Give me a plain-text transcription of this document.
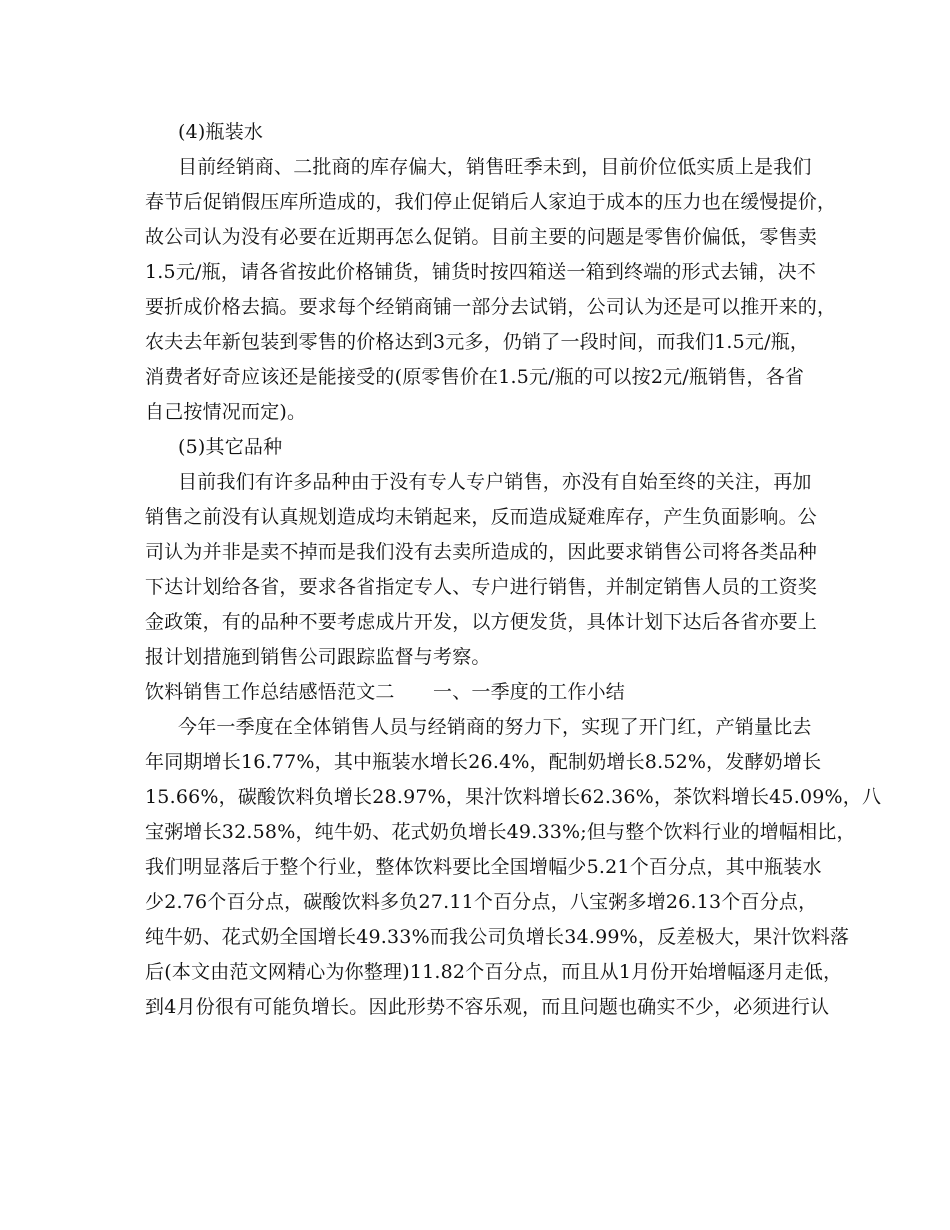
(4)瓶装水
目前经销商、二批商的库存偏大，销售旺季未到，目前价位低实质上是我们
春节后促销假压库所造成的，我们停止促销后人家迫于成本的压力也在缓慢提价，
故公司认为没有必要在近期再怎么促销。目前主要的问题是零售价偏低，零售卖
1.5元/瓶，请各省按此价格铺货，铺货时按四箱送一箱到终端的形式去铺，决不
要折成价格去搞。要求每个经销商铺一部分去试销，公司认为还是可以推开来的，
农夫去年新包装到零售的价格达到3元多，仍销了一段时间，而我们1.5元/瓶，
消费者好奇应该还是能接受的(原零售价在1.5元/瓶的可以按2元/瓶销售，各省
自己按情况而定)。
(5)其它品种
目前我们有许多品种由于没有专人专户销售，亦没有自始至终的关注，再加
销售之前没有认真规划造成均未销起来，反而造成疑难库存，产生负面影响。公
司认为并非是卖不掉而是我们没有去卖所造成的，因此要求销售公司将各类品种
下达计划给各省，要求各省指定专人、专户进行销售，并制定销售人员的工资奖
金政策，有的品种不要考虑成片开发，以方便发货，具体计划下达后各省亦要上
报计划措施到销售公司跟踪监督与考察。
饮料销售工作总结感悟范文二　　一、一季度的工作小结
今年一季度在全体销售人员与经销商的努力下，实现了开门红，产销量比去
年同期增长16.77%，其中瓶装水增长26.4%，配制奶增长8.52%，发酵奶增长
15.66%，碳酸饮料负增长28.97%，果汁饮料增长62.36%，茶饮料增长45.09%，八
宝粥增长32.58%，纯牛奶、花式奶负增长49.33%;但与整个饮料行业的增幅相比，
我们明显落后于整个行业，整体饮料要比全国增幅少5.21个百分点，其中瓶装水
少2.76个百分点，碳酸饮料多负27.11个百分点，八宝粥多增26.13个百分点，
纯牛奶、花式奶全国增长49.33%而我公司负增长34.99%，反差极大，果汁饮料落
后(本文由范文网精心为你整理)11.82个百分点，而且从1月份开始增幅逐月走低，
到4月份很有可能负增长。因此形势不容乐观，而且问题也确实不少，必须进行认
